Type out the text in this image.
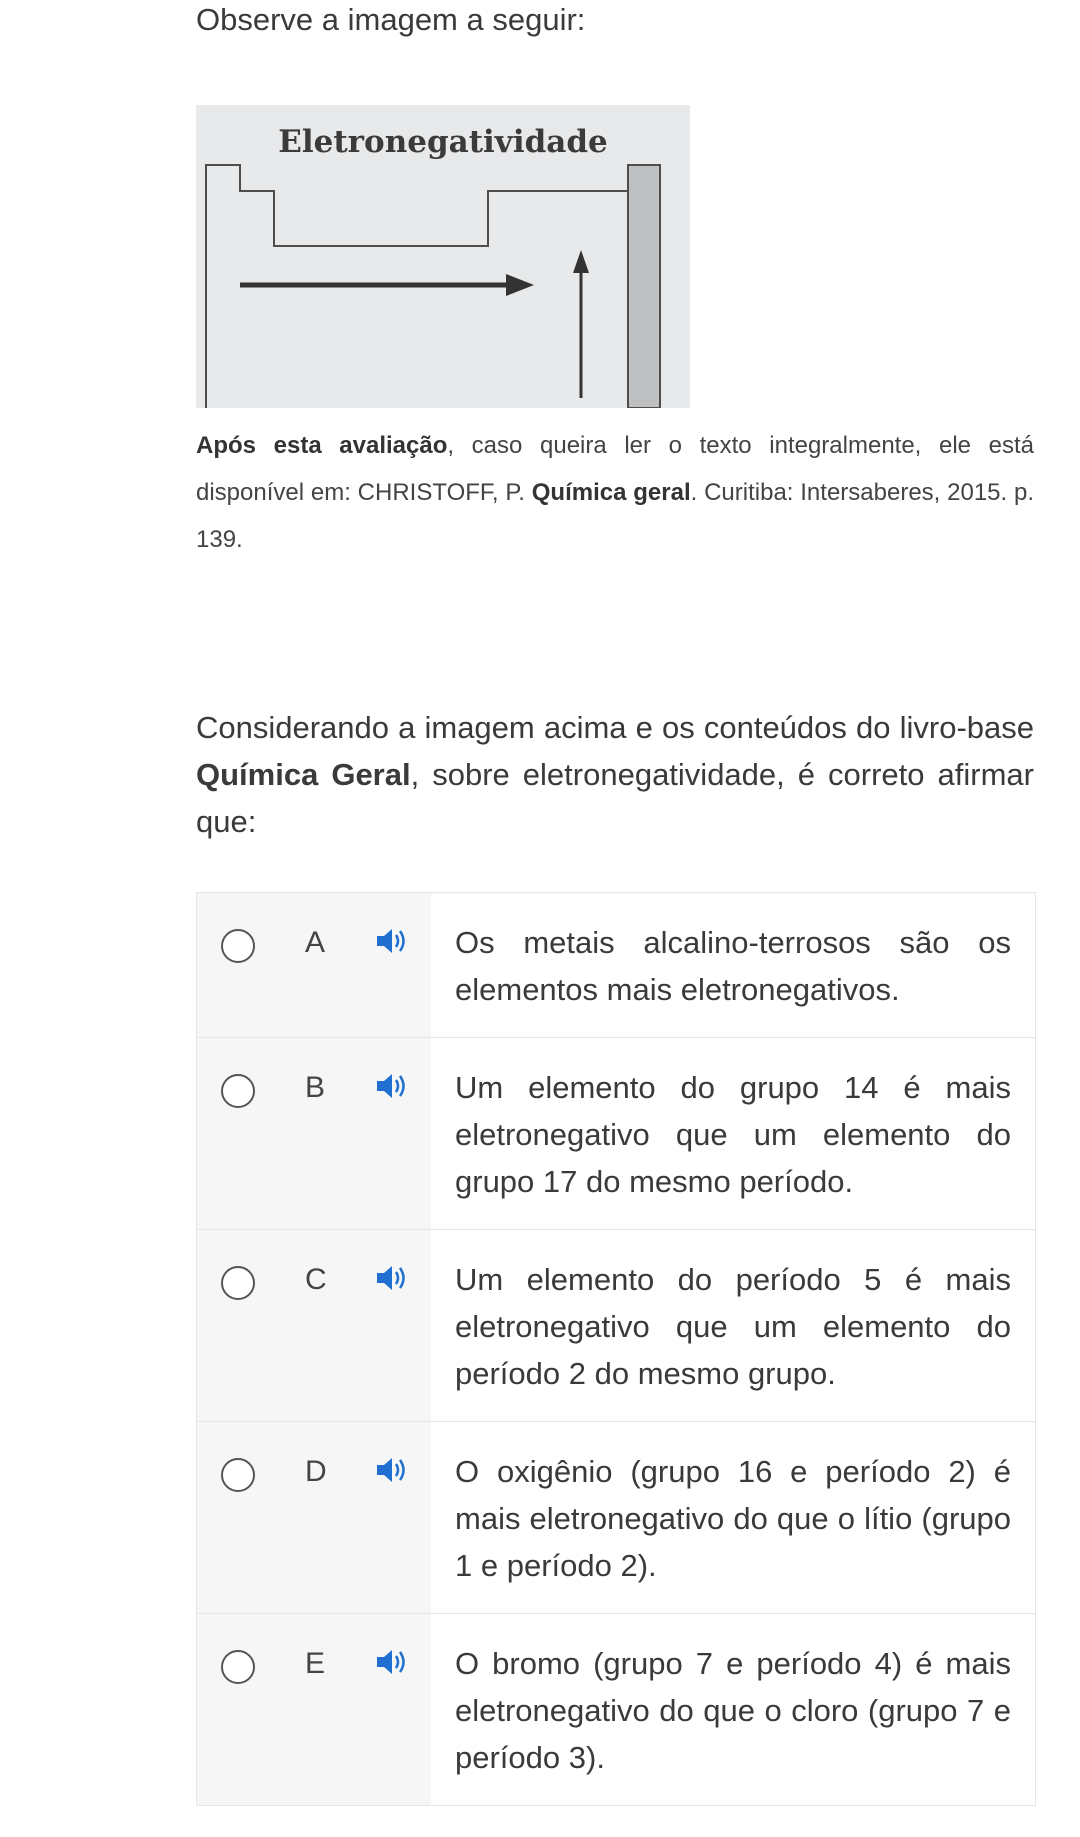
Observe a imagem a seguir:

Eletronegatividade

Após esta avaliação, caso queira ler o texto integralmente, ele está disponível em: CHRISTOFF, P. Química geral. Curitiba: Intersaberes, 2015. p. 139.

Considerando a imagem acima e os conteúdos do livro-base Química Geral, sobre eletronegatividade, é correto afirmar que:

A	Os metais alcalino-terrosos são os elementos mais eletronegativos.

B	Um elemento do grupo 14 é mais eletronegativo que um elemento do grupo 17 do mesmo período.

C	Um elemento do período 5 é mais eletronegativo que um elemento do período 2 do mesmo grupo.

D	O oxigênio (grupo 16 e período 2) é mais eletronegativo do que o lítio (grupo 1 e período 2).

E	O bromo (grupo 7 e período 4) é mais eletronegativo do que o cloro (grupo 7 e período 3).
